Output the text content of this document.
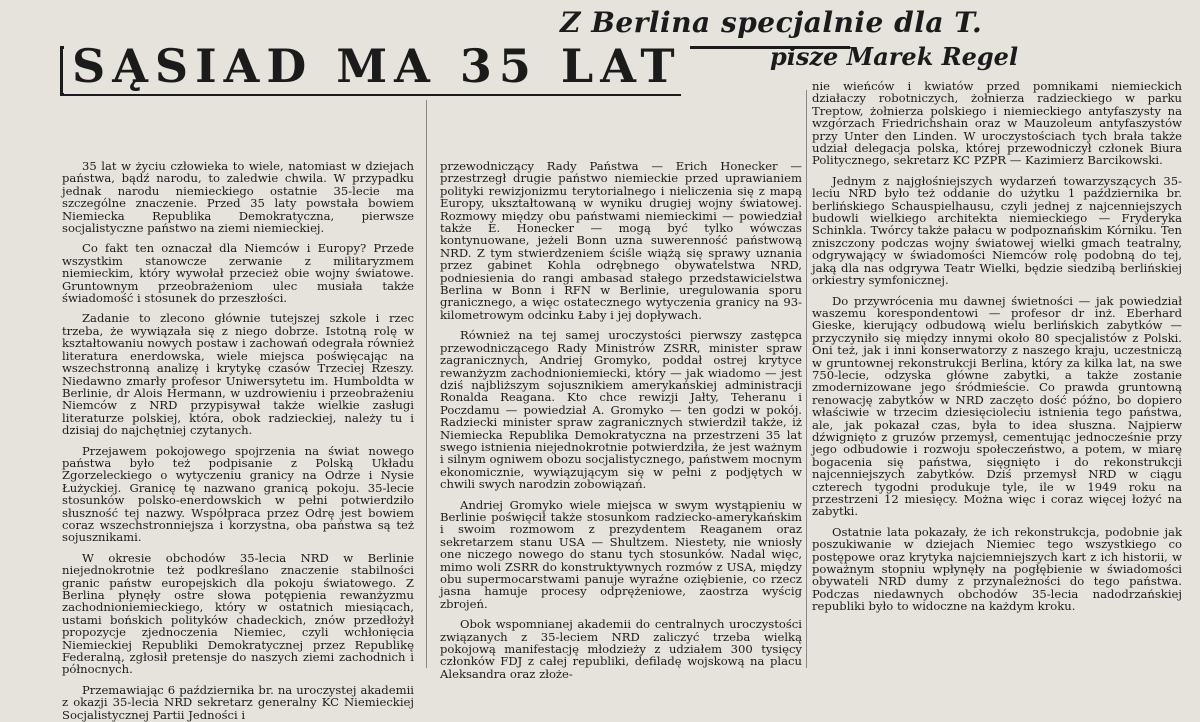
SĄSIAD MA 35 LAT
Z Berlina specjalnie dla T.
pisze Marek Regel

35 lat w życiu człowieka to wiele, natomiast w dziejach państwa, bądź narodu, to zaledwie chwila. W przypadku jednak narodu niemieckiego ostatnie 35-lecie ma szczególne znaczenie. Przed 35 laty powstała bowiem Niemiecka Republika Demokratyczna, pierwsze socjalistyczne państwo na ziemi niemieckiej.

Co fakt ten oznaczał dla Niemców i Europy? Przede wszystkim stanowcze zerwanie z militaryzmem niemieckim, który wywołał przecież obie wojny światowe. Gruntownym przeobrażeniom ulec musiała także świadomość i stosunek do przeszłości.

Zadanie to zlecono głównie tutejszej szkole i rzec trzeba, że wywiązała się z niego dobrze. Istotną rolę w kształtowaniu nowych postaw i zachowań odegrała również literatura enerdowska, wiele miejsca poświęcając na wszechstronną analizę i krytykę czasów Trzeciej Rzeszy. Niedawno zmarły profesor Uniwersytetu im. Humboldta w Berlinie, dr Alois Hermann, w uzdrowieniu i przeobrażeniu Niemców z NRD przypisywał także wielkie zasługi literaturze polskiej, która, obok radzieckiej, należy tu i dzisiaj do najchętniej czytanych.

Przejawem pokojowego spojrzenia na świat nowego państwa było też podpisanie z Polską Układu Zgorzeleckiego o wytyczeniu granicy na Odrze i Nysie Łużyckiej. Granicę tę nazwano granicą pokoju. 35-lecie stosunków polsko-enerdowskich w pełni potwierdziło słuszność tej nazwy. Współpraca przez Odrę jest bowiem coraz wszechstronniejsza i korzystna, oba państwa są też sojusznikami.

W okresie obchodów 35-lecia NRD w Berlinie niejednokrotnie też podkreślano znaczenie stabilności granic państw europejskich dla pokoju światowego. Z Berlina płynęły ostre słowa potępienia rewanżyzmu zachodnioniemieckiego, który w ostatnich miesiącach, ustami bońskich polityków chadeckich, znów przedłożył propozycje zjednoczenia Niemiec, czyli wchłonięcia Niemieckiej Republiki Demokratycznej przez Republikę Federalną, zgłosił pretensje do naszych ziemi zachodnich i północnych.

Przemawiając 6 października br. na uroczystej akademii z okazji 35-lecia NRD sekretarz generalny KC Niemieckiej Socjalistycznej Partii Jedności i

przewodniczący Rady Państwa — Erich Honecker — przestrzegł drugie państwo niemieckie przed uprawianiem polityki rewizjonizmu terytorialnego i nieliczenia się z mapą Europy, ukształtowaną w wyniku drugiej wojny światowej. Rozmowy między obu państwami niemieckimi — powiedział także E. Honecker — mogą być tylko wówczas kontynuowane, jeżeli Bonn uzna suwerenność państwową NRD. Z tym stwierdzeniem ściśle wiążą się sprawy uznania przez gabinet Kohla odrębnego obywatelstwa NRD, podniesienia do rangi ambasad stałego przedstawicielstwa Berlina w Bonn i RFN w Berlinie, uregulowania sporu granicznego, a więc ostatecznego wytyczenia granicy na 93-kilometrowym odcinku Łaby i jej dopływach.

Również na tej samej uroczystości pierwszy zastępca przewodniczącego Rady Ministrów ZSRR, minister spraw zagranicznych, Andriej Gromyko, poddał ostrej krytyce rewanżyzm zachodnioniemiecki, który — jak wiadomo — jest dziś najbliższym sojusznikiem amerykańskiej administracji Ronalda Reagana. Kto chce rewizji Jałty, Teheranu i Poczdamu — powiedział A. Gromyko — ten godzi w pokój. Radziecki minister spraw zagranicznych stwierdził także, iż Niemiecka Republika Demokratyczna na przestrzeni 35 lat swego istnienia niejednokrotnie potwierdziła, że jest ważnym i silnym ogniwem obozu socjalistycznego, państwem mocnym ekonomicznie, wywiązującym się w pełni z podjętych w chwili swych narodzin zobowiązań.

Andriej Gromyko wiele miejsca w swym wystąpieniu w Berlinie poświęcił także stosunkom radziecko-amerykańskim i swoim rozmowom z prezydentem Reaganem oraz sekretarzem stanu USA — Shultzem. Niestety, nie wniosły one niczego nowego do stanu tych stosunków. Nadal więc, mimo woli ZSRR do konstruktywnych rozmów z USA, między obu supermocarstwami panuje wyraźne oziębienie, co rzecz jasna hamuje procesy odprężeniowe, zaostrza wyścig zbrojeń.

Obok wspomnianej akademii do centralnych uroczystości związanych z 35-leciem NRD zaliczyć trzeba wielką pokojową manifestację młodzieży z udziałem 300 tysięcy członków FDJ z całej republiki, defiladę wojskową na placu Aleksandra oraz złoże-

nie wieńców i kwiatów przed pomnikami niemieckich działaczy robotniczych, żołnierza radzieckiego w parku Treptow, żołnierza polskiego i niemieckiego antyfaszysty na wzgórzach Friedrichshain oraz w Mauzoleum antyfaszystów przy Unter den Linden. W uroczystościach tych brała także udział delegacja polska, której przewodniczył członek Biura Politycznego, sekretarz KC PZPR — Kazimierz Barcikowski.

Jednym z najgłośniejszych wydarzeń towarzyszących 35-leciu NRD było też oddanie do użytku 1 października br. berlińskiego Schauspielhausu, czyli jednej z najcenniejszych budowli wielkiego architekta niemieckiego — Fryderyka Schinkla. Twórcy także pałacu w podpoznańskim Kórniku. Ten zniszczony podczas wojny światowej wielki gmach teatralny, odgrywający w świadomości Niemców rolę podobną do tej, jaką dla nas odgrywa Teatr Wielki, będzie siedzibą berlińskiej orkiestry symfonicznej.

Do przywrócenia mu dawnej świetności — jak powiedział waszemu korespondentowi — profesor dr inż. Eberhard Gieske, kierujący odbudową wielu berlińskich zabytków — przyczyniło się między innymi około 80 specjalistów z Polski. Oni też, jak i inni konserwatorzy z naszego kraju, uczestniczą w gruntownej rekonstrukcji Berlina, który za kilka lat, na swe 750-lecie, odzyska główne zabytki, a także zostanie zmodernizowane jego śródmieście. Co prawda gruntowną renowację zabytków w NRD zaczęto dość późno, bo dopiero właściwie w trzecim dziesięcioleciu istnienia tego państwa, ale, jak pokazał czas, była to idea słuszna. Najpierw dźwignięto z gruzów przemysł, cementując jednocześnie przy jego odbudowie i rozwoju społeczeństwo, a potem, w miarę bogacenia się państwa, sięgnięto i do rekonstrukcji najcenniejszych zabytków. Dziś przemysł NRD w ciągu czterech tygodni produkuje tyle, ile w 1949 roku na przestrzeni 12 miesięcy. Można więc i coraz więcej łożyć na zabytki.

Ostatnie lata pokazały, że ich rekonstrukcja, podobnie jak poszukiwanie w dziejach Niemiec tego wszystkiego co postępowe oraz krytyka najciemniejszych kart z ich historii, w poważnym stopniu wpłynęły na pogłębienie w świadomości obywateli NRD dumy z przynależności do tego państwa. Podczas niedawnych obchodów 35-lecia nadodrzańskiej republiki było to widoczne na każdym kroku.
